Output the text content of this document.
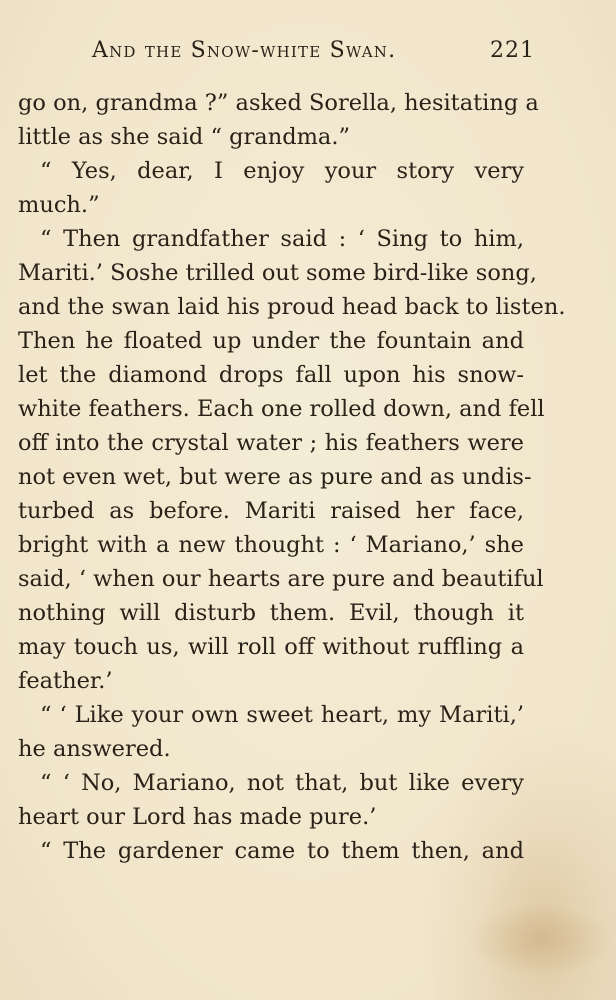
And the Snow-white Swan.	221
go on, grandma ?” asked Sorella, hesitating a
little as she said “ grandma.”
“ Yes, dear, I enjoy your story very
much.”
“ Then grandfather said : ‘ Sing to him,
Mariti.’ Soshe trilled out some bird-like song,
and the swan laid his proud head back to listen.
Then he floated up under the fountain and
let the diamond drops fall upon his snow-
white feathers. Each one rolled down, and fell
off into the crystal water ; his feathers were
not even wet, but were as pure and as undis-
turbed as before. Mariti raised her face,
bright with a new thought : ‘ Mariano,’ she
said, ‘ when our hearts are pure and beautiful
nothing will disturb them. Evil, though it
may touch us, will roll off without ruffling a
feather.’
“ ‘ Like your own sweet heart, my Mariti,’
he answered.
“ ‘ No, Mariano, not that, but like every
heart our Lord has made pure.’
“ The gardener came to them then, and
